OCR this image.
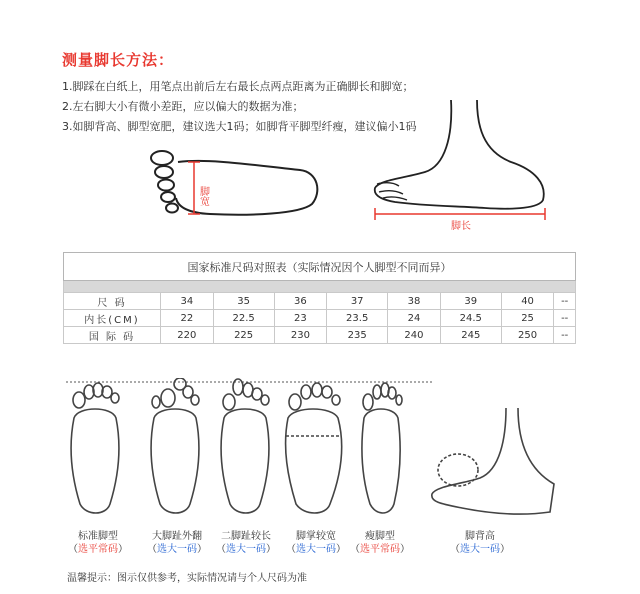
测量脚长方法：
1.脚踩在白纸上，用笔点出前后左右最长点两点距离为正确脚长和脚宽；
2.左右脚大小有微小差距，应以偏大的数据为准；
3.如脚背高、脚型宽肥，建议选大1码；如脚背平脚型纤瘦，建议偏小1码
脚宽
脚长
国家标准尺码对照表（实际情况因个人脚型不同而异）								

尺 码	34	35	36	37	38	39	40	--
内长(CM)	22	22.5	23	23.5	24	24.5	25	--
国 际 码	220	225	230	235	240	245	250	--
标准脚型
（选平常码）
大脚趾外翻
（选大一码）
二脚趾较长
（选大一码）
脚掌较宽
（选大一码）
瘦脚型
（选平常码）
脚背高
（选大一码）
温馨提示：图示仅供参考，实际情况请与个人尺码为准
